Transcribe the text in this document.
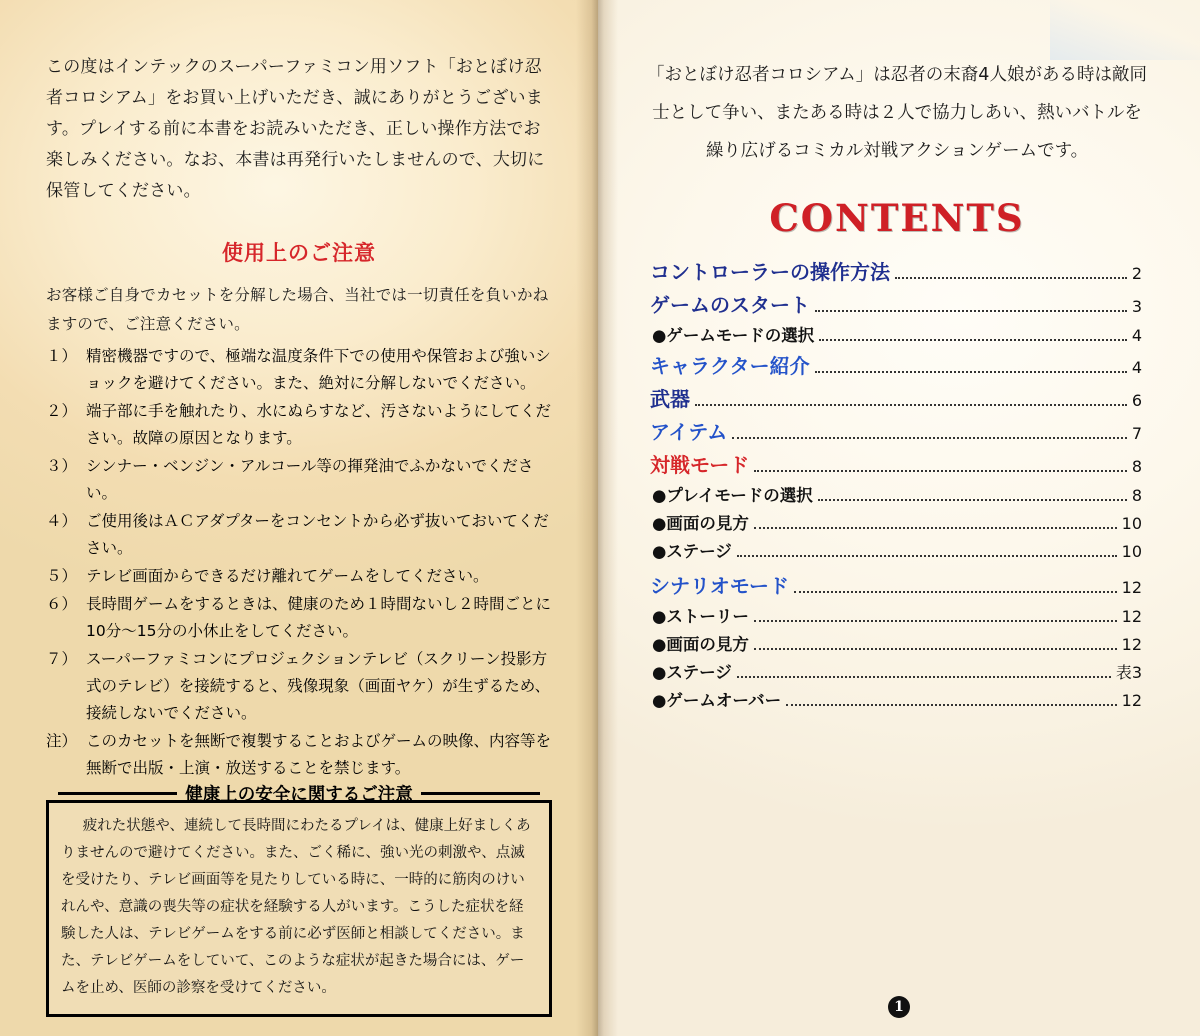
この度はインテックのスーパーファミコン用ソフト「おとぼけ忍者コロシアム」をお買い上げいただき、誠にありがとうございます。プレイする前に本書をお読みいただき、正しい操作方法でお楽しみください。なお、本書は再発行いたしませんので、大切に保管してください。

使用上のご注意
お客様ご自身でカセットを分解した場合、当社では一切責任を負いかねますので、ご注意ください。
１） 精密機器ですので、極端な温度条件下での使用や保管および強いショックを避けてください。また、絶対に分解しないでください。
２） 端子部に手を触れたり、水にぬらすなど、汚さないようにしてください。故障の原因となります。
３） シンナー・ベンジン・アルコール等の揮発油でふかないでください。
４） ご使用後はＡＣアダプターをコンセントから必ず抜いておいてください。
５） テレビ画面からできるだけ離れてゲームをしてください。
６） 長時間ゲームをするときは、健康のため１時間ないし２時間ごとに10分～15分の小休止をしてください。
７） スーパーファミコンにプロジェクションテレビ（スクリーン投影方式のテレビ）を接続すると、残像現象（画面ヤケ）が生ずるため、接続しないでください。
注） このカセットを無断で複製することおよびゲームの映像、内容等を無断で出版・上演・放送することを禁じます。
健康上の安全に関するご注意
疲れた状態や、連続して長時間にわたるプレイは、健康上好ましくありませんので避けてください。また、ごく稀に、強い光の刺激や、点滅を受けたり、テレビ画面等を見たりしている時に、一時的に筋肉のけいれんや、意識の喪失等の症状を経験する人がいます。こうした症状を経験した人は、テレビゲームをする前に必ず医師と相談してください。また、テレビゲームをしていて、このような症状が起きた場合には、ゲームを止め、医師の診察を受けてください。
「おとぼけ忍者コロシアム」は忍者の末裔4人娘がある時は敵同士として争い、またある時は２人で協力しあい、熱いバトルを繰り広げるコミカル対戦アクションゲームです。
CONTENTS
コントローラーの操作方法	2
ゲームのスタート	3
●ゲームモードの選択	4
キャラクター紹介	4
武器	6
アイテム	7
対戦モード	8
●プレイモードの選択	8
●画面の見方	10
●ステージ	10
シナリオモード	12
●ストーリー	12
●画面の見方	12
●ステージ	表3
●ゲームオーバー	12
1
